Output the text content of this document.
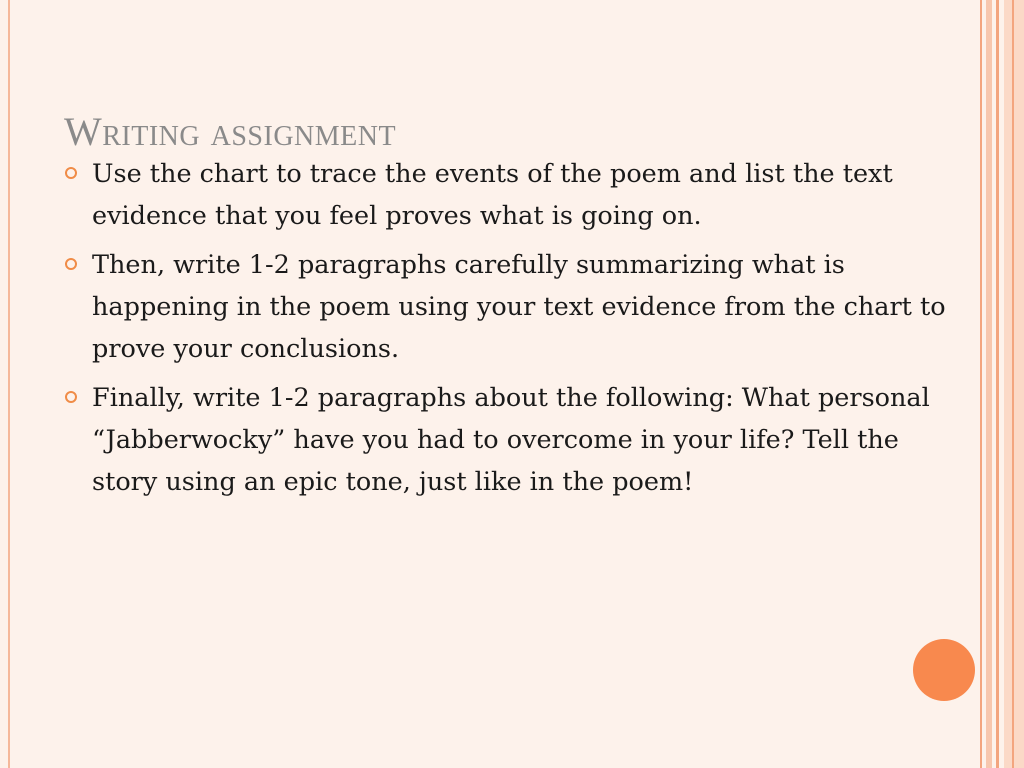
Writing assignment
Use the chart to trace the events of the poem and list the text evidence that you feel proves what is going on.
Then, write 1-2 paragraphs carefully summarizing what is happening in the poem using your text evidence from the chart to prove your conclusions.
Finally, write 1-2 paragraphs about the following: What personal “Jabberwocky” have you had to overcome in your life? Tell the story using an epic tone, just like in the poem!
